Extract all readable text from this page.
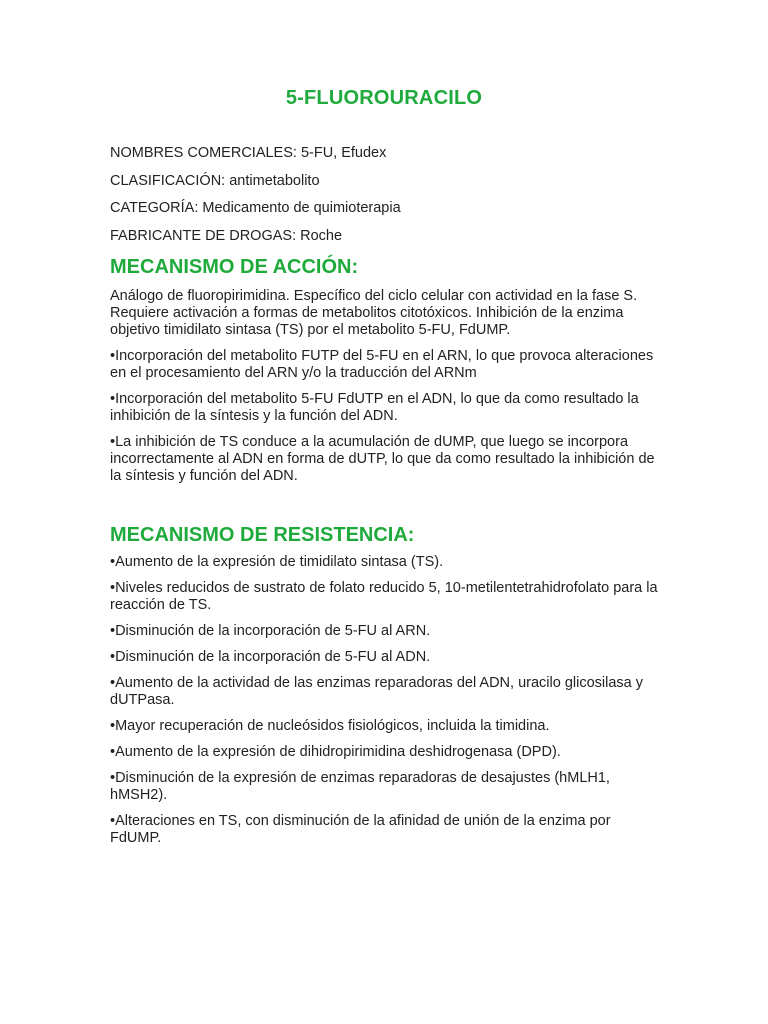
5-FLUOROURACILO

NOMBRES COMERCIALES: 5-FU, Efudex

CLASIFICACIÓN: antimetabolito

CATEGORÍA: Medicamento de quimioterapia

FABRICANTE DE DROGAS: Roche

MECANISMO DE ACCIÓN:

Análogo de fluoropirimidina. Específico del ciclo celular con actividad en la fase S. Requiere activación a formas de metabolitos citotóxicos. Inhibición de la enzima objetivo timidilato sintasa (TS) por el metabolito 5-FU, FdUMP.

• Incorporación del metabolito FUTP del 5-FU en el ARN, lo que provoca alteraciones en el procesamiento del ARN y/o la traducción del ARNm

• Incorporación del metabolito 5-FU FdUTP en el ADN, lo que da como resultado la inhibición de la síntesis y la función del ADN.

• La inhibición de TS conduce a la acumulación de dUMP, que luego se incorpora incorrectamente al ADN en forma de dUTP, lo que da como resultado la inhibición de la síntesis y función del ADN.

MECANISMO DE RESISTENCIA:

• Aumento de la expresión de timidilato sintasa (TS).

• Niveles reducidos de sustrato de folato reducido 5, 10-metilentetrahidrofolato para la reacción de TS.

• Disminución de la incorporación de 5-FU al ARN.

• Disminución de la incorporación de 5-FU al ADN.

• Aumento de la actividad de las enzimas reparadoras del ADN, uracilo glicosilasa y dUTPasa.

• Mayor recuperación de nucleósidos fisiológicos, incluida la timidina.

• Aumento de la expresión de dihidropirimidina deshidrogenasa (DPD).

• Disminución de la expresión de enzimas reparadoras de desajustes (hMLH1, hMSH2).

• Alteraciones en TS, con disminución de la afinidad de unión de la enzima por FdUMP.
